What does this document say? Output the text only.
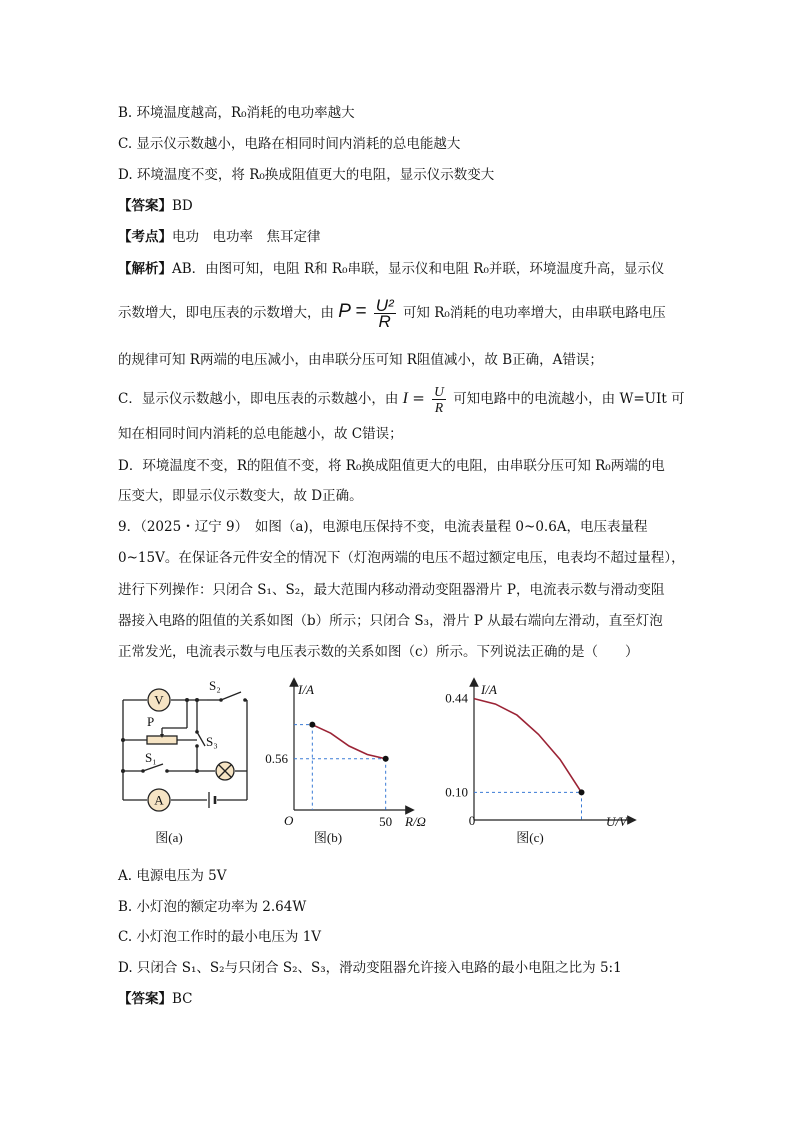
B. 环境温度越高，R₀消耗的电功率越大
C. 显示仪示数越小，电路在相同时间内消耗的总电能越大
D. 环境温度不变，将 R₀换成阻值更大的电阻，显示仪示数变大
【答案】BD
【考点】电功　电功率　焦耳定律
【解析】AB．由图可知，电阻 R和 R₀串联，显示仪和电阻 R₀并联，环境温度升高，显示仪
示数增大，即电压表的示数增大，由 $P = \frac{\text{U²}}{R}$ 可知 R₀消耗的电功率增大，由串联电路电压
的规律可知 R两端的电压减小，由串联分压可知 R阻值减小，故 B正确，A错误；
C．显示仪示数越小，即电压表的示数越小，由 $I = \frac{U}{R}$ 可知电路中的电流越小，由 W=UIt 可
知在相同时间内消耗的总电能越小，故 C错误；
D．环境温度不变，R的阻值不变，将 R₀换成阻值更大的电阻，由串联分压可知 R₀两端的电
压变大，即显示仪示数变大，故 D正确。
9．（2025・辽宁 9）　如图（a)，电源电压保持不变，电流表量程 0~0.6A，电压表量程
0~15V。在保证各元件安全的情况下（灯泡两端的电压不超过额定电压，电表均不超过量程），
进行下列操作：只闭合 S₁、S₂，最大范围内移动滑动变阻器滑片 P，电流表示数与滑动变阻
器接入电路的阻值的关系如图（b）所示；只闭合 S₃，滑片 P 从最右端向左滑动，直至灯泡
正常发光，电流表示数与电压表示数的关系如图（c）所示。下列说法正确的是（　　）
V
S₂
P
S₃
S₁
A
图(a)
I/A
R/Ω
O
0.56
50
图(b)
I/A
U/V
0
0.44
0.10
图(c)
A. 电源电压为 5V
B. 小灯泡的额定功率为 2.64W
C. 小灯泡工作时的最小电压为 1V
D. 只闭合 S₁、S₂与只闭合 S₂、S₃，滑动变阻器允许接入电路的最小电阻之比为 5:1
【答案】BC
